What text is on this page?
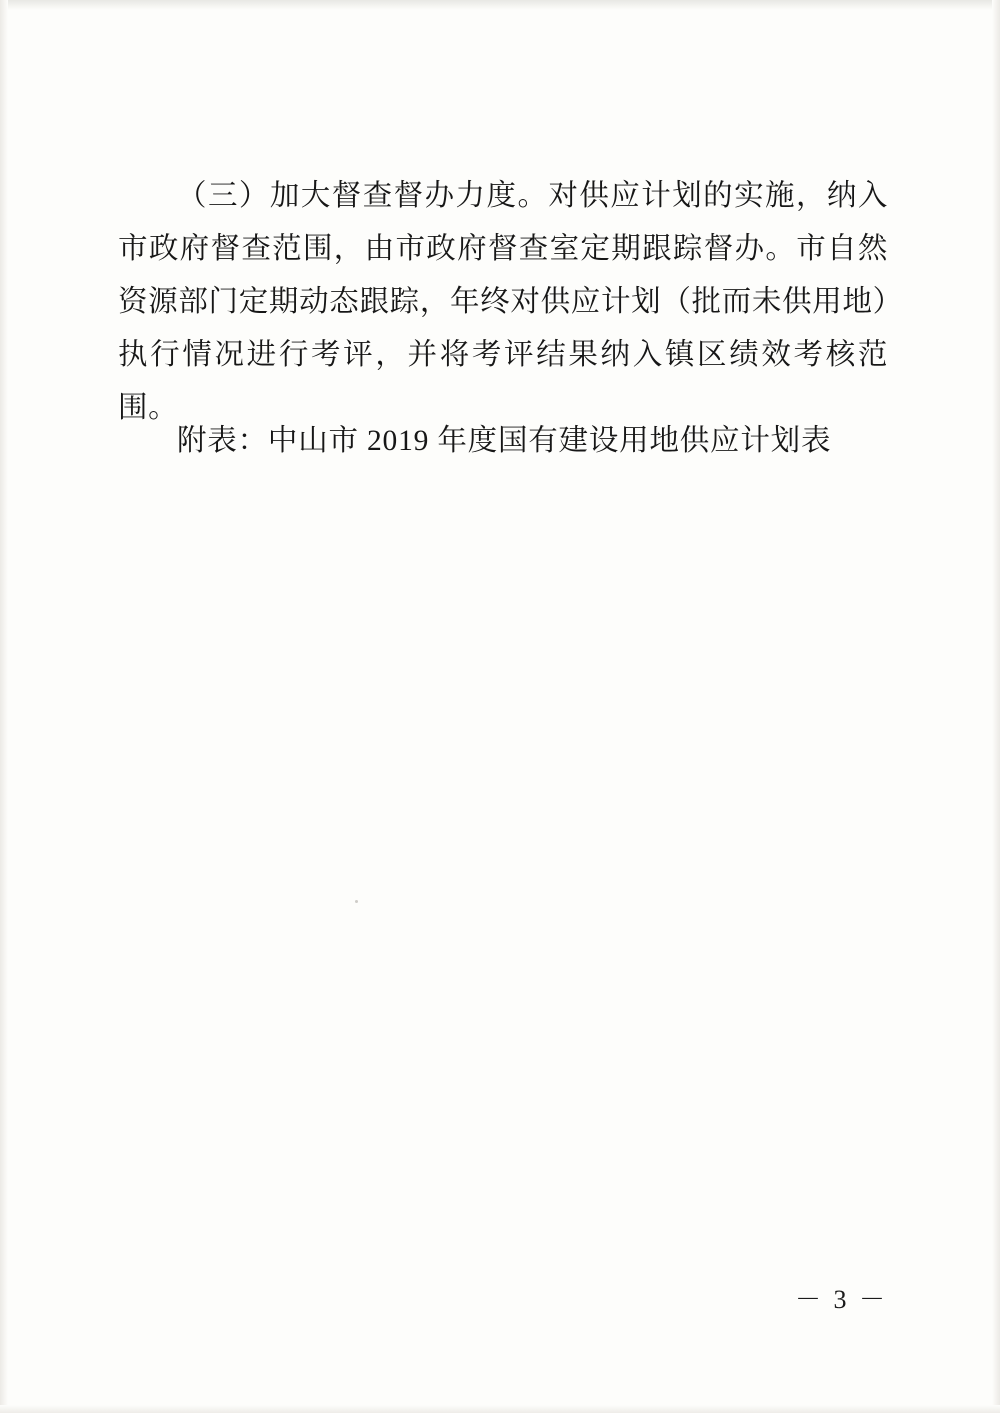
（三）加大督查督办力度。对供应计划的实施，纳入市政府督查范围，由市政府督查室定期跟踪督办。市自然资源部门定期动态跟踪，年终对供应计划（批而未供用地）执行情况进行考评，并将考评结果纳入镇区绩效考核范围。

附表：中山市 2019 年度国有建设用地供应计划表
－ 3 －
